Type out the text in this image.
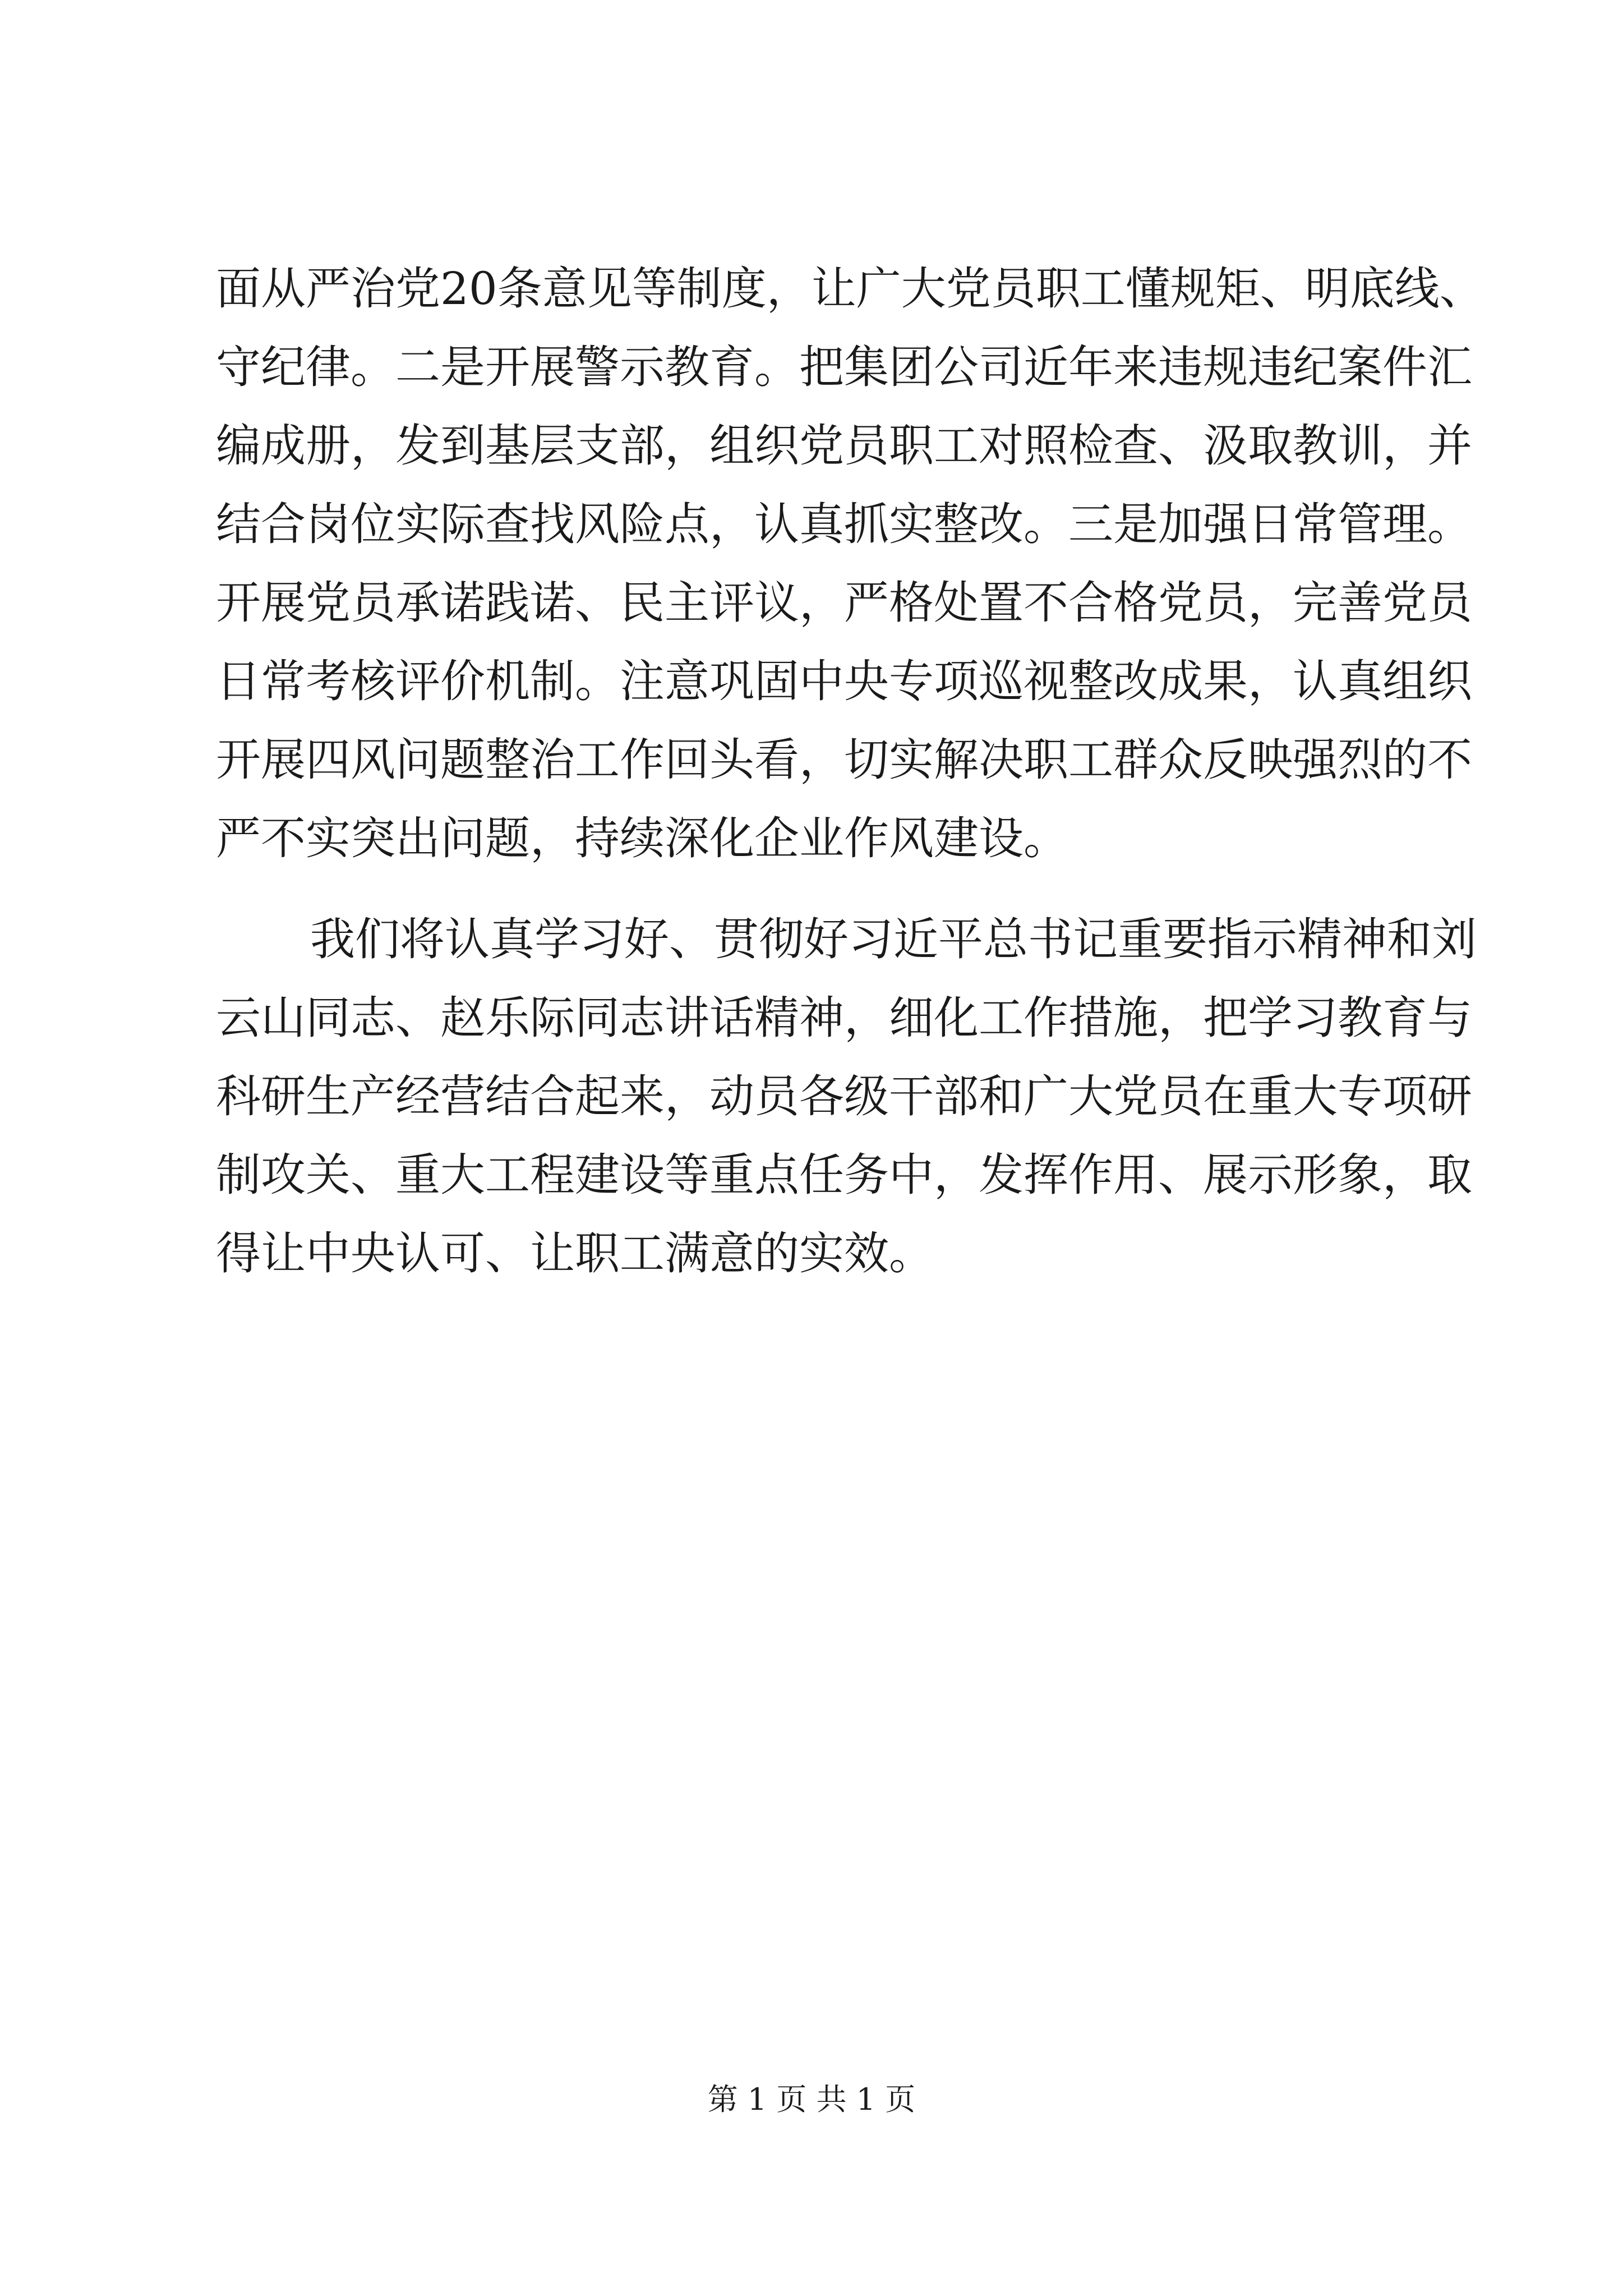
面从严治党20条意见等制度，让广大党员职工懂规矩、明底线、
守纪律。二是开展警示教育。把集团公司近年来违规违纪案件汇
编成册，发到基层支部，组织党员职工对照检查、汲取教训，并
结合岗位实际查找风险点，认真抓实整改。三是加强日常管理。
开展党员承诺践诺、民主评议，严格处置不合格党员，完善党员
日常考核评价机制。注意巩固中央专项巡视整改成果，认真组织
开展四风问题整治工作回头看，切实解决职工群众反映强烈的不
严不实突出问题，持续深化企业作风建设。
我们将认真学习好、贯彻好习近平总书记重要指示精神和刘
云山同志、赵乐际同志讲话精神，细化工作措施，把学习教育与
科研生产经营结合起来，动员各级干部和广大党员在重大专项研
制攻关、重大工程建设等重点任务中，发挥作用、展示形象，取
得让中央认可、让职工满意的实效。
第 1 页 共 1 页
